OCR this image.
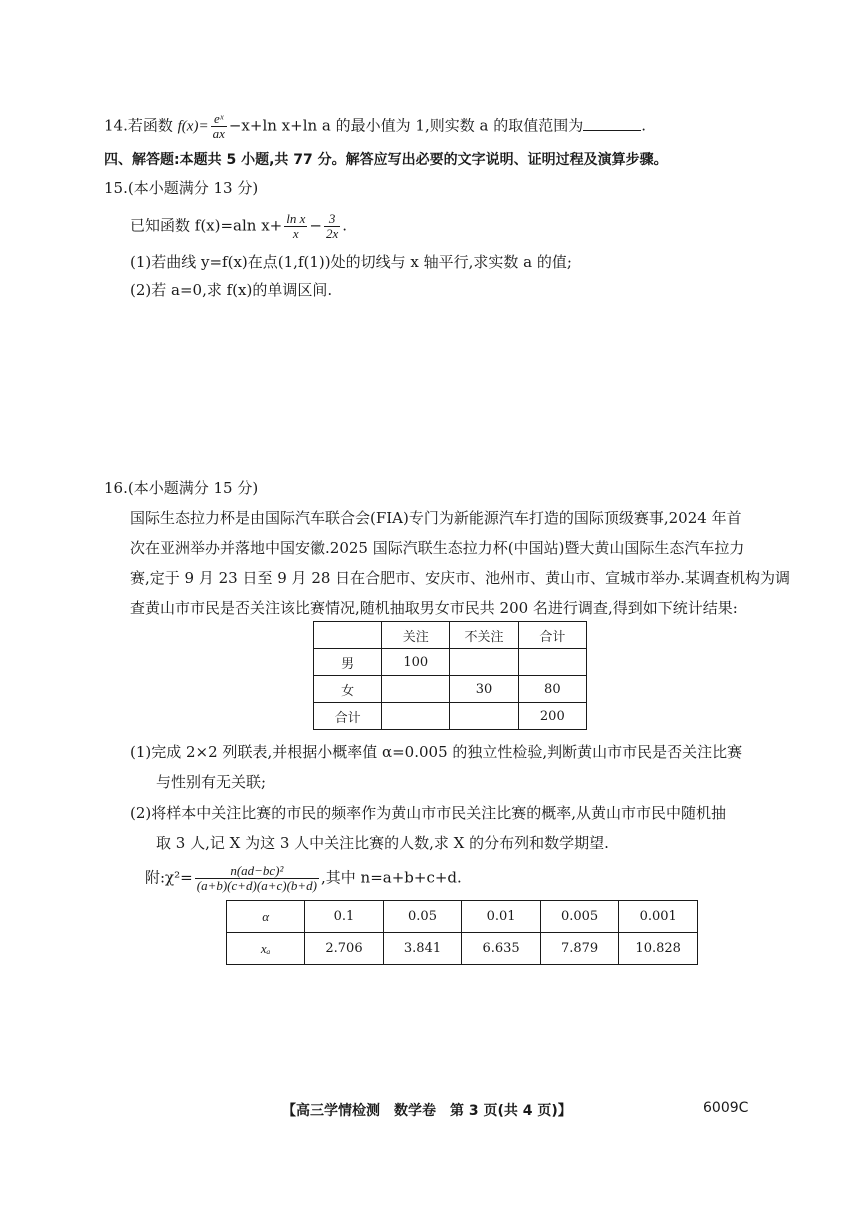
14.若函数 $f(x)= \frac{\text{eˣ}}{ax} -x+\ln$ x+ln a 的最小值为 1,则实数 a 的取值范围为	.
四、解答题:本题共 5 小题,共 77 分。解答应写出必要的文字说明、证明过程及演算步骤。
15.(本小题满分 13 分)
已知函数 f(x)=aln $x+ \frac{\text{ln x}}{x} - \frac{3}{2x}$ .
(1)若曲线 y=f(x)在点(1,f(1))处的切线与 x 轴平行,求实数 a 的值;
(2)若 a=0,求 f(x)的单调区间.
16.(本小题满分 15 分)
国际生态拉力杯是由国际汽车联合会(FIA)专门为新能源汽车打造的国际顶级赛事,2024 年首
次在亚洲举办并落地中国安徽.2025 国际汽联生态拉力杯(中国站)暨大黄山国际生态汽车拉力
赛,定于 9 月 23 日至 9 月 28 日在合肥市、安庆市、池州市、黄山市、宣城市举办.某调查机构为调
查黄山市市民是否关注该比赛情况,随机抽取男女市民共 200 名进行调查,得到如下统计结果:
	关注	不关注	合计
男	100		
女		30	80
合计			200
(1)完成 2×2 列联表,并根据小概率值 α=0.005 的独立性检验,判断黄山市市民是否关注比赛
与性别有无关联;
(2)将样本中关注比赛的市民的频率作为黄山市市民关注比赛的概率,从黄山市市民中随机抽
取 3 人,记 X 为这 3 人中关注比赛的人数,求 X 的分布列和数学期望.
附:χ²= $\frac{\text{n(ad−bc)²}}{(a+b)(c+d)(a+c)(b+d)}$ ,其中 n=a+b+c+d.
α	0.1	0.05	0.01	0.005	0.001
xₐ	2.706	3.841	6.635	7.879	10.828
【高三学情检测　数学卷　第 3 页(共 4 页)】	6009C
